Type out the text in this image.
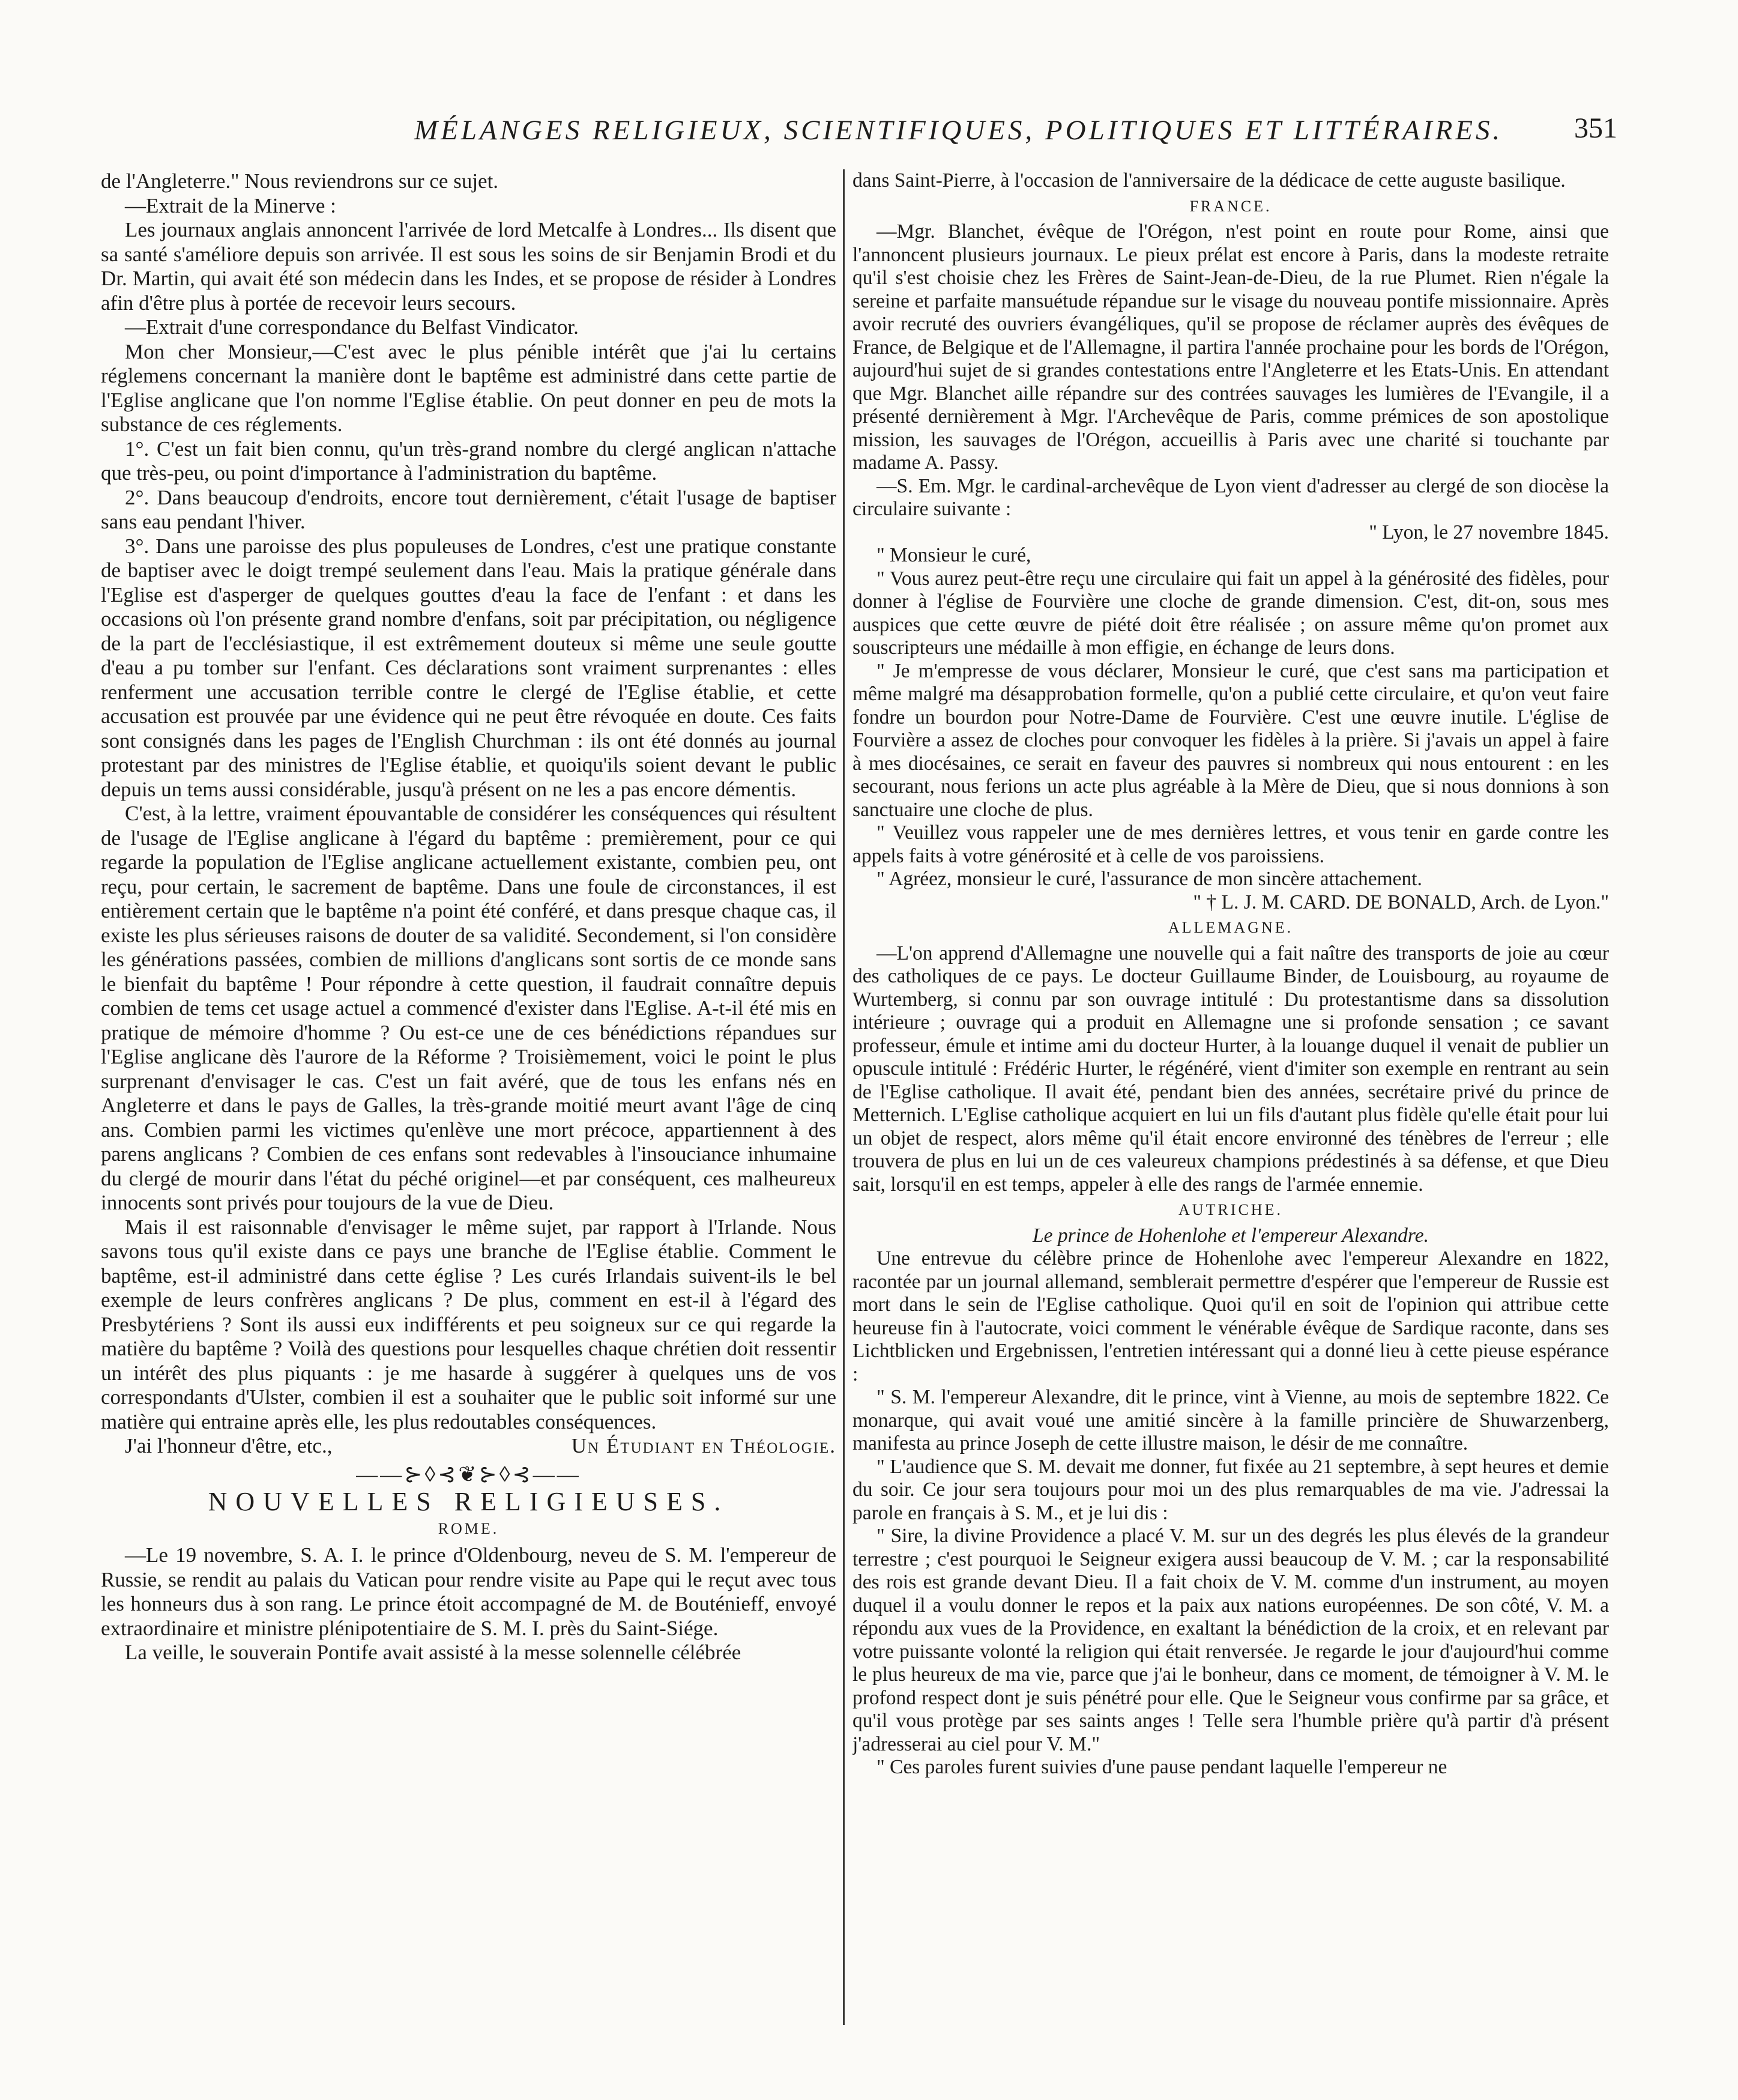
MÉLANGES RELIGIEUX, SCIENTIFIQUES, POLITIQUES ET LITTÉRAIRES. 351

de l'Angleterre." Nous reviendrons sur ce sujet.

—Extrait de la Minerve :

Les journaux anglais annoncent l'arrivée de lord Metcalfe à Londres... Ils disent que sa santé s'améliore depuis son arrivée. Il est sous les soins de sir Benjamin Brodi et du Dr. Martin, qui avait été son médecin dans les Indes, et se propose de résider à Londres afin d'être plus à portée de recevoir leurs secours.

—Extrait d'une correspondance du Belfast Vindicator.

Mon cher Monsieur,—C'est avec le plus pénible intérêt que j'ai lu certains réglemens concernant la manière dont le baptême est administré dans cette partie de l'Eglise anglicane que l'on nomme l'Eglise établie. On peut donner en peu de mots la substance de ces réglements.

1°. C'est un fait bien connu, qu'un très-grand nombre du clergé anglican n'attache que très-peu, ou point d'importance à l'administration du baptême.

2°. Dans beaucoup d'endroits, encore tout dernièrement, c'était l'usage de baptiser sans eau pendant l'hiver.

3°. Dans une paroisse des plus populeuses de Londres, c'est une pratique constante de baptiser avec le doigt trempé seulement dans l'eau. Mais la pratique générale dans l'Eglise est d'asperger de quelques gouttes d'eau la face de l'enfant : et dans les occasions où l'on présente grand nombre d'enfans, soit par précipitation, ou négligence de la part de l'ecclésiastique, il est extrêmement douteux si même une seule goutte d'eau a pu tomber sur l'enfant. Ces déclarations sont vraiment surprenantes : elles renferment une accusation terrible contre le clergé de l'Eglise établie, et cette accusation est prouvée par une évidence qui ne peut être révoquée en doute. Ces faits sont consignés dans les pages de l'English Churchman : ils ont été donnés au journal protestant par des ministres de l'Eglise établie, et quoiqu'ils soient devant le public depuis un tems aussi considérable, jusqu'à présent on ne les a pas encore démentis.

C'est, à la lettre, vraiment épouvantable de considérer les conséquences qui résultent de l'usage de l'Eglise anglicane à l'égard du baptême : premièrement, pour ce qui regarde la population de l'Eglise anglicane actuellement existante, combien peu, ont reçu, pour certain, le sacrement de baptême. Dans une foule de circonstances, il est entièrement certain que le baptême n'a point été conféré, et dans presque chaque cas, il existe les plus sérieuses raisons de douter de sa validité. Secondement, si l'on considère les générations passées, combien de millions d'anglicans sont sortis de ce monde sans le bienfait du baptême ! Pour répondre à cette question, il faudrait connaître depuis combien de tems cet usage actuel a commencé d'exister dans l'Eglise. A-t-il été mis en pratique de mémoire d'homme ? Ou est-ce une de ces bénédictions répandues sur l'Eglise anglicane dès l'aurore de la Réforme ? Troisièmement, voici le point le plus surprenant d'envisager le cas. C'est un fait avéré, que de tous les enfans nés en Angleterre et dans le pays de Galles, la très-grande moitié meurt avant l'âge de cinq ans. Combien parmi les victimes qu'enlève une mort précoce, appartiennent à des parens anglicans ? Combien de ces enfans sont redevables à l'insouciance inhumaine du clergé de mourir dans l'état du péché originel—et par conséquent, ces malheureux innocents sont privés pour toujours de la vue de Dieu.

Mais il est raisonnable d'envisager le même sujet, par rapport à l'Irlande. Nous savons tous qu'il existe dans ce pays une branche de l'Eglise établie. Comment le baptême, est-il administré dans cette église ? Les curés Irlandais suivent-ils le bel exemple de leurs confrères anglicans ? De plus, comment en est-il à l'égard des Presbytériens ? Sont ils aussi eux indifférents et peu soigneux sur ce qui regarde la matière du baptême ? Voilà des questions pour lesquelles chaque chrétien doit ressentir un intérêt des plus piquants : je me hasarde à suggérer à quelques uns de vos correspondants d'Ulster, combien il est a souhaiter que le public soit informé sur une matière qui entraine après elle, les plus redoutables conséquences.

J'ai l'honneur d'être, etc.,	Un Étudiant en Théologie.
——⊱◊⊰❦⊱◊⊰——
NOUVELLES RELIGIEUSES.
ROME.

—Le 19 novembre, S. A. I. le prince d'Oldenbourg, neveu de S. M. l'empereur de Russie, se rendit au palais du Vatican pour rendre visite au Pape qui le reçut avec tous les honneurs dus à son rang. Le prince étoit accompagné de M. de Bouténieff, envoyé extraordinaire et ministre plénipotentiaire de S. M. I. près du Saint-Siége.

La veille, le souverain Pontife avait assisté à la messe solennelle célébrée

dans Saint-Pierre, à l'occasion de l'anniversaire de la dédicace de cette auguste basilique.

FRANCE.

—Mgr. Blanchet, évêque de l'Orégon, n'est point en route pour Rome, ainsi que l'annoncent plusieurs journaux. Le pieux prélat est encore à Paris, dans la modeste retraite qu'il s'est choisie chez les Frères de Saint-Jean-de-Dieu, de la rue Plumet. Rien n'égale la sereine et parfaite mansuétude répandue sur le visage du nouveau pontife missionnaire. Après avoir recruté des ouvriers évangéliques, qu'il se propose de réclamer auprès des évêques de France, de Belgique et de l'Allemagne, il partira l'année prochaine pour les bords de l'Orégon, aujourd'hui sujet de si grandes contestations entre l'Angleterre et les Etats-Unis. En attendant que Mgr. Blanchet aille répandre sur des contrées sauvages les lumières de l'Evangile, il a présenté dernièrement à Mgr. l'Archevêque de Paris, comme prémices de son apostolique mission, les sauvages de l'Orégon, accueillis à Paris avec une charité si touchante par madame A. Passy.

—S. Em. Mgr. le cardinal-archevêque de Lyon vient d'adresser au clergé de son diocèse la circulaire suivante :

" Lyon, le 27 novembre 1845.

" Monsieur le curé,

" Vous aurez peut-être reçu une circulaire qui fait un appel à la générosité des fidèles, pour donner à l'église de Fourvière une cloche de grande dimension. C'est, dit-on, sous mes auspices que cette œuvre de piété doit être réalisée ; on assure même qu'on promet aux souscripteurs une médaille à mon effigie, en échange de leurs dons.

" Je m'empresse de vous déclarer, Monsieur le curé, que c'est sans ma participation et même malgré ma désapprobation formelle, qu'on a publié cette circulaire, et qu'on veut faire fondre un bourdon pour Notre-Dame de Fourvière. C'est une œuvre inutile. L'église de Fourvière a assez de cloches pour convoquer les fidèles à la prière. Si j'avais un appel à faire à mes diocésaines, ce serait en faveur des pauvres si nombreux qui nous entourent : en les secourant, nous ferions un acte plus agréable à la Mère de Dieu, que si nous donnions à son sanctuaire une cloche de plus.

" Veuillez vous rappeler une de mes dernières lettres, et vous tenir en garde contre les appels faits à votre générosité et à celle de vos paroissiens.

" Agréez, monsieur le curé, l'assurance de mon sincère attachement.

" † L. J. M. CARD. DE BONALD, Arch. de Lyon."

ALLEMAGNE.

—L'on apprend d'Allemagne une nouvelle qui a fait naître des transports de joie au cœur des catholiques de ce pays. Le docteur Guillaume Binder, de Louisbourg, au royaume de Wurtemberg, si connu par son ouvrage intitulé : Du protestantisme dans sa dissolution intérieure ; ouvrage qui a produit en Allemagne une si profonde sensation ; ce savant professeur, émule et intime ami du docteur Hurter, à la louange duquel il venait de publier un opuscule intitulé : Frédéric Hurter, le régénéré, vient d'imiter son exemple en rentrant au sein de l'Eglise catholique. Il avait été, pendant bien des années, secrétaire privé du prince de Metternich. L'Eglise catholique acquiert en lui un fils d'autant plus fidèle qu'elle était pour lui un objet de respect, alors même qu'il était encore environné des ténèbres de l'erreur ; elle trouvera de plus en lui un de ces valeureux champions prédestinés à sa défense, et que Dieu sait, lorsqu'il en est temps, appeler à elle des rangs de l'armée ennemie.

AUTRICHE.

Le prince de Hohenlohe et l'empereur Alexandre.

Une entrevue du célèbre prince de Hohenlohe avec l'empereur Alexandre en 1822, racontée par un journal allemand, semblerait permettre d'espérer que l'empereur de Russie est mort dans le sein de l'Eglise catholique. Quoi qu'il en soit de l'opinion qui attribue cette heureuse fin à l'autocrate, voici comment le vénérable évêque de Sardique raconte, dans ses Lichtblicken und Ergebnissen, l'entretien intéressant qui a donné lieu à cette pieuse espérance :

" S. M. l'empereur Alexandre, dit le prince, vint à Vienne, au mois de septembre 1822. Ce monarque, qui avait voué une amitié sincère à la famille princière de Shuwarzenberg, manifesta au prince Joseph de cette illustre maison, le désir de me connaître.

" L'audience que S. M. devait me donner, fut fixée au 21 septembre, à sept heures et demie du soir. Ce jour sera toujours pour moi un des plus remarquables de ma vie. J'adressai la parole en français à S. M., et je lui dis :

" Sire, la divine Providence a placé V. M. sur un des degrés les plus élevés de la grandeur terrestre ; c'est pourquoi le Seigneur exigera aussi beaucoup de V. M. ; car la responsabilité des rois est grande devant Dieu. Il a fait choix de V. M. comme d'un instrument, au moyen duquel il a voulu donner le repos et la paix aux nations européennes. De son côté, V. M. a répondu aux vues de la Providence, en exaltant la bénédiction de la croix, et en relevant par votre puissante volonté la religion qui était renversée. Je regarde le jour d'aujourd'hui comme le plus heureux de ma vie, parce que j'ai le bonheur, dans ce moment, de témoigner à V. M. le profond respect dont je suis pénétré pour elle. Que le Seigneur vous confirme par sa grâce, et qu'il vous protège par ses saints anges ! Telle sera l'humble prière qu'à partir d'à présent j'adresserai au ciel pour V. M."

" Ces paroles furent suivies d'une pause pendant laquelle l'empereur ne
